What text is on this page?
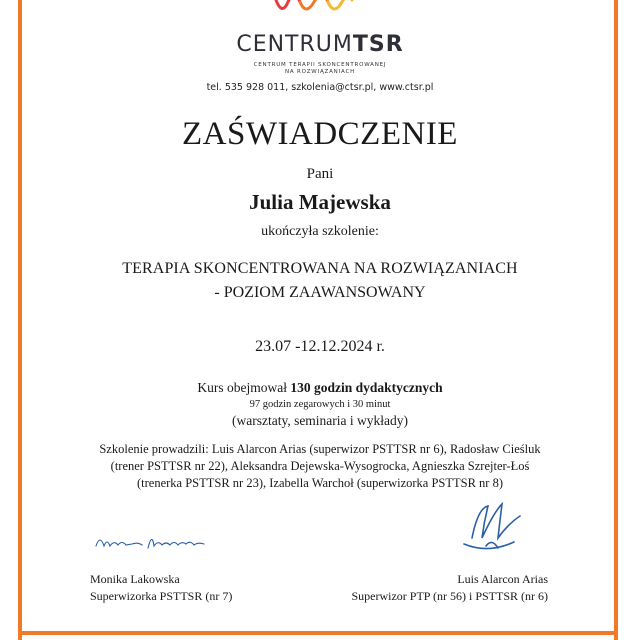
CENTRUMTSR
CENTRUM TERAPII SKONCENTROWANEJ
NA ROZWIĄZANIACH
tel. 535 928 011, szkolenia@ctsr.pl, www.ctsr.pl
ZAŚWIADCZENIE
Pani
Julia Majewska
ukończyła szkolenie:
TERAPIA SKONCENTROWANA NA ROZWIĄZANIACH
- POZIOM ZAAWANSOWANY
23.07 -12.12.2024 r.
Kurs obejmował 130 godzin dydaktycznych
97 godzin zegarowych i 30 minut
(warsztaty, seminaria i wykłady)
Szkolenie prowadzili: Luis Alarcon Arias (superwizor PSTTSR nr 6), Radosław Cieśluk
(trener PSTTSR nr 22), Aleksandra Dejewska-Wysogrocka, Agnieszka Szrejter-Łoś
(trenerka PSTTSR nr 23), Izabella Warchoł (superwizorka PSTTSR nr 8)
Monika Lakowska
Superwizorka PSTTSR (nr 7)
Luis Alarcon Arias
Superwizor PTP (nr 56) i PSTTSR (nr 6)
